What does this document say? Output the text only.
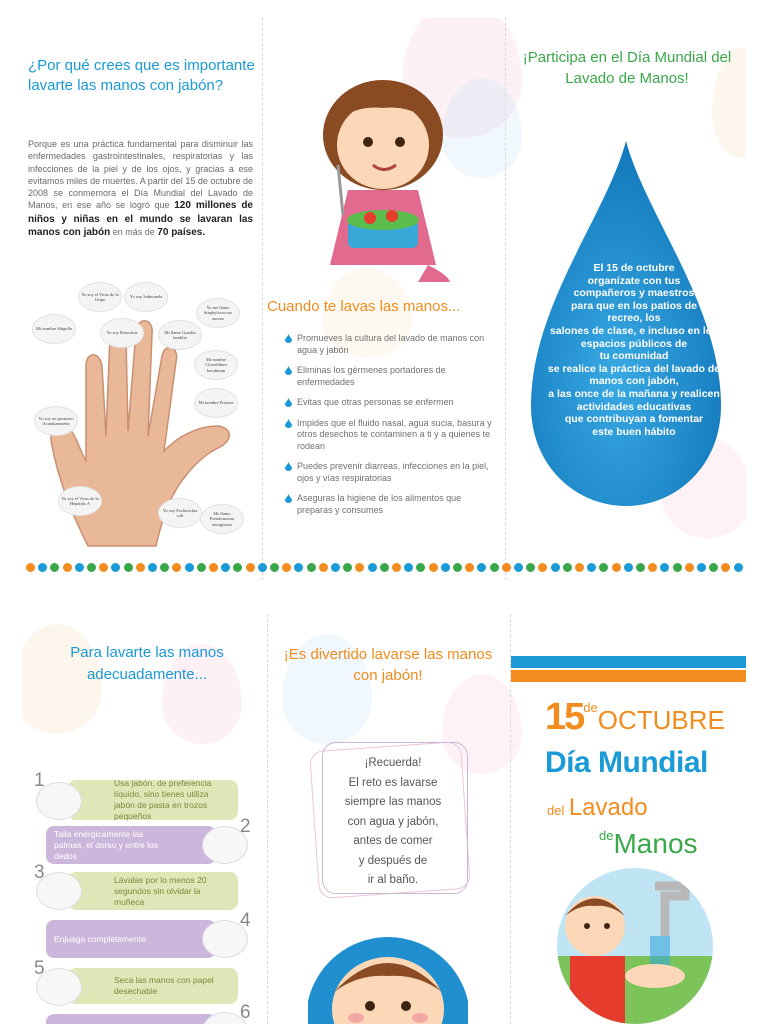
¿Por qué crees que es importante lavarte las manos con jabón?
Porque es una práctica fundamental para disminuir las enfermedades gastrointestinales, respiratorias y las infecciones de la piel y de los ojos, y gracias a ese evitamos miles de muertes. A partir del 15 de octubre de 2008 se conmemora el Día Mundial del Lavado de Manos, en ese año se logró que 120 millones de niños y niñas en el mundo se lavaran las manos con jabón en más de 70 países.
Yo soy el Virus de la Gripe
Yo soy Salmonela
Yo me llamo Staphylococcus aureus
Mi nombre Shigella
Yo soy Rotavirus	Mi llamo Giardia lamblia
Mi nombre Clostridium botulinum
Yo soy un protozoo Acanthamoeba
Mi nombre Proteus
Yo soy el Virus de la Hepatitis A
Yo soy Escherichia coli	Me llamo Pseudomonas aeruginosa
Cuando te lavas las manos...
Promueves la cultura del lavado de manos con agua y jabón
Eliminas los gérmenes portadores de enfermedades
Evitas que otras personas se enfermen
Impides que el fluido nasal, agua sucia, basura y otros desechos te contaminen a ti y a quienes te rodean
Puedes prevenir diarreas, infecciones en la piel, ojos y vías respiratorias
Aseguras la higiene de los alimentos que preparas y consumes
¡Participa en el Día Mundial del Lavado de Manos!
El 15 de octubre
organízate con tus
compañeros y maestros
para que en los patios de
recreo, los
salones de clase, e incluso en los
espacios públicos de
tu comunidad
se realice la práctica del lavado de
manos con jabón,
a las once de la mañana y realicen
actividades educativas
que contribuyan a fomentar
este buen hábito
Para lavarte las manos adecuadamente...
Usa jabón, de preferencia líquido, sino tienes utiliza jabón de pasta en trozos pequeños
1
Talla enérgicamente las palmas, el dorso y entre los dedos
2
Lávalas por lo menos 20 segundos sin olvidar la muñeca
3
Enjuaga completamente
4
Seca las manos con papel desechable
5
6
¡Es divertido lavarse las manos con jabón!
¡Recuerda!
El reto es lavarse
siempre las manos
con agua y jabón,
antes de comer
y después de
ir al baño.
15deOCTUBRE
Día Mundial
del Lavado
$^{de}$Manos
